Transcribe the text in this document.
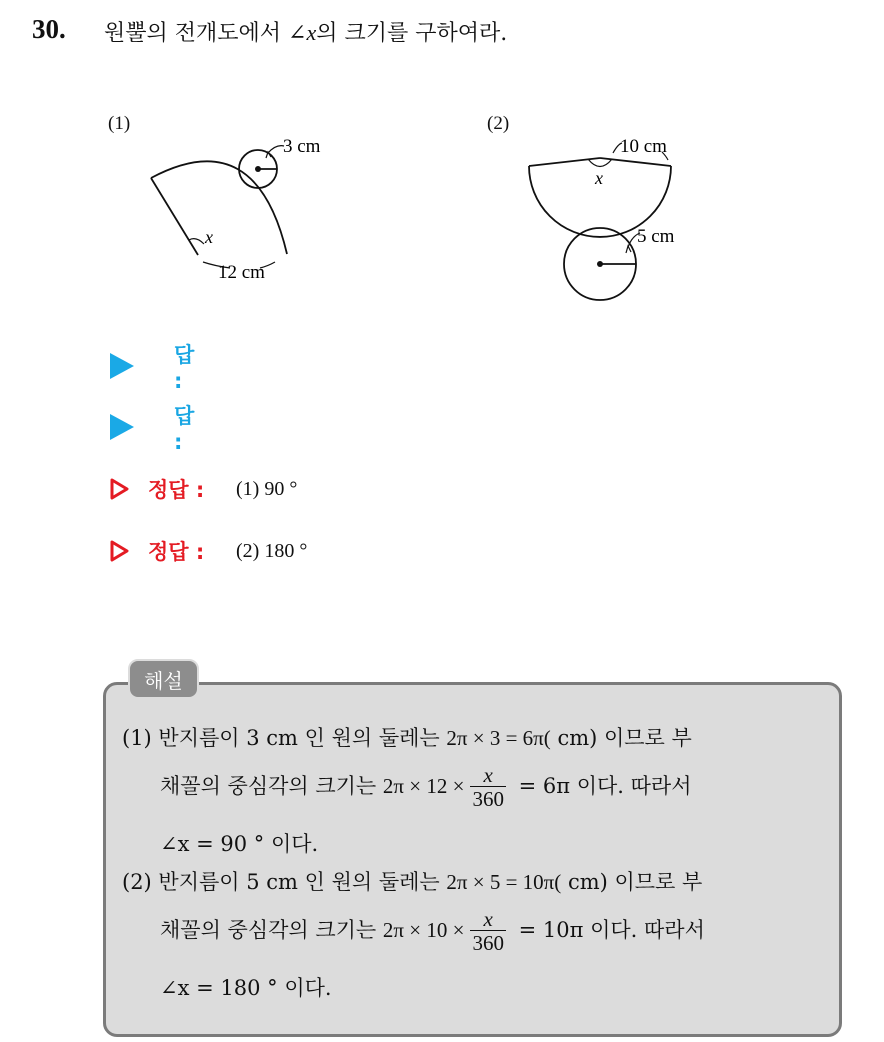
30. 원뿔의 전개도에서 ∠x의 크기를 구하여라.
(1)
3 cm
x
12 cm
(2)
10 cm
x
5 cm
답 :
답 :
정답 : (1) 90 °
정답 : (2) 180 °
해설
(1) 반지름이 3 cm 인 원의 둘레는 2π × 3 = 6π( cm) 이므로 부
채꼴의 중심각의 크기는 $2\pi \times 12 \times \frac{x}{360} = 6\pi$ 이다. 따라서
∠x = 90 ° 이다.
(2) 반지름이 5 cm 인 원의 둘레는 2π × 5 = 10π( cm) 이므로 부
채꼴의 중심각의 크기는 $2\pi \times 10 \times \frac{x}{360} = 10\pi$ 이다. 따라서
∠x = 180 ° 이다.
